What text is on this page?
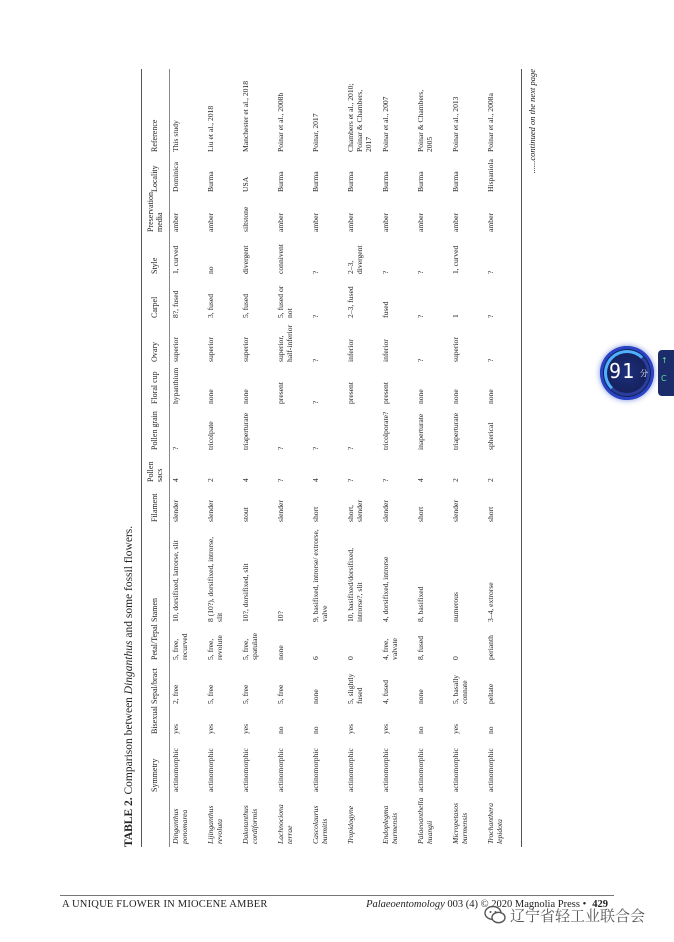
TABLE 2. Comparison between Dinganthus and some fossil flowers.
	Symmetry	Bisexual	Sepal/bract	Petal/Tepal	Stamen	Filament	Pollen sacs	Pollen grain	Floral cup	Ovary	Carpel	Style	Preservation media	Locality	Reference
Dinganthus ponomarea	actinomorphic	yes	2, free	5, free, recurved	10, dorsifixed, latrorse, slit	slender	4	?	hypanthium	superior	8?, fused	1, curved	amber	Dominica	This study
Lijinganthus revoluta	actinomorphic	yes	5, free	5, free, revolute	8 (10?), dorsifixed, introrse, slit	slender	2	tricolpate	none	superior	3, fused	no	amber	Burma	Liu et al., 2018
Dakotanthus cordiformis	actinomorphic	yes	5, free	5, free, spatulate	10?, dorsifixed, slit	stout	4	triaperturate	none	superior	5, fused	divergent	siltstone	USA	Manchester et al., 2018
Lachnociona terrae	actinomorphic	no	5, free	none	10?	slender	?	?	present	superior, half-inferior	5, fused or not	connivent	amber	Burma	Poinar et al., 2008b
Cascolaurus burmitis	actinomorphic	no	none	6	9, basifixed, introrse/ extrorse, valve	short	4	?	?	?	?	?	amber	Burma	Poinar, 2017
Tropidogyne	actinomorphic	yes	5, slightly fused	0	10, basifixed/dorsifixed, introrse?, slit	short, slender	?	?	present	inferior	2–3, fused	2–3, divergent	amber	Burma	Chambers et al., 2010; Poinar & Chambers, 2017
Endoplegma burmensis	actinomorphic	yes	4, fused	4, free, valvate	4, dorsifixed, introrse	slender	?	tricolporate?	present	inferior	fused	?	amber	Burma	Poinar et al., 2007
Palaeoanthella huangii	actinomorphic	no	none	8, fused	8, basifixed	short	4	inaperturate	none	?	?	?	amber	Burma	Poinar & Chambers, 2005
Micropetasos burmensis	actinomorphic	yes	5, basally connate	0	numerous	slender	2	triaperturate	none	superior	1	1, curved	amber	Burma	Poinar et al., 2013
Trochanthera lepidota	actinomorphic	no	peltate	perianth	3–4, extrorse	short	2	spherical	none	?	?	?	amber	Hispaniola	Poinar et al., 2008a	......continued on the next page
A UNIQUE FLOWER IN MIOCENE AMBER	Palaeoentomology 003 (4) © 2020 Magnolia Press • 429
91 分
↑
C
辽宁省轻工业联合会
